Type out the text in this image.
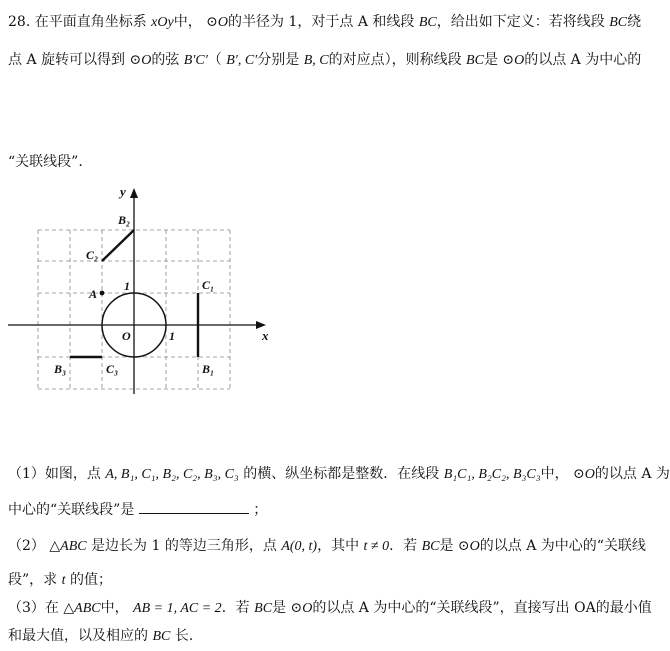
28. 在平面直角坐标系 xOy中， ⊙O的半径为 1，对于点 A 和线段 BC，给出如下定义：若将线段 BC绕
点 A 旋转可以得到 ⊙O的弦 B′C′（ B′, C′分别是 B, C的对应点），则称线段 BC是 ⊙O的以点 A 为中心的
“关联线段”.
y
x
O	1
1
B₂
C₂
A
C₁
B₁
B₃	C₃
（1）如图，点 A, B₁, C₁, B₂, C₂, B₃, C₃ 的横、纵坐标都是整数．在线段 B₁C₁, B₂C₂, B₃C₃中， ⊙O的以点 A 为
中心的“关联线段”是	；
（2） △ABC 是边长为 1 的等边三角形，点 A(0, t)，其中 t ≠ 0．若 BC是 ⊙O的以点 A 为中心的“关联线
段”，求 t 的值；
（3）在 △ABC中， AB = 1, AC = 2．若 BC是 ⊙O的以点 A 为中心的“关联线段”，直接写出 OA的最小值
和最大值，以及相应的 BC 长.
